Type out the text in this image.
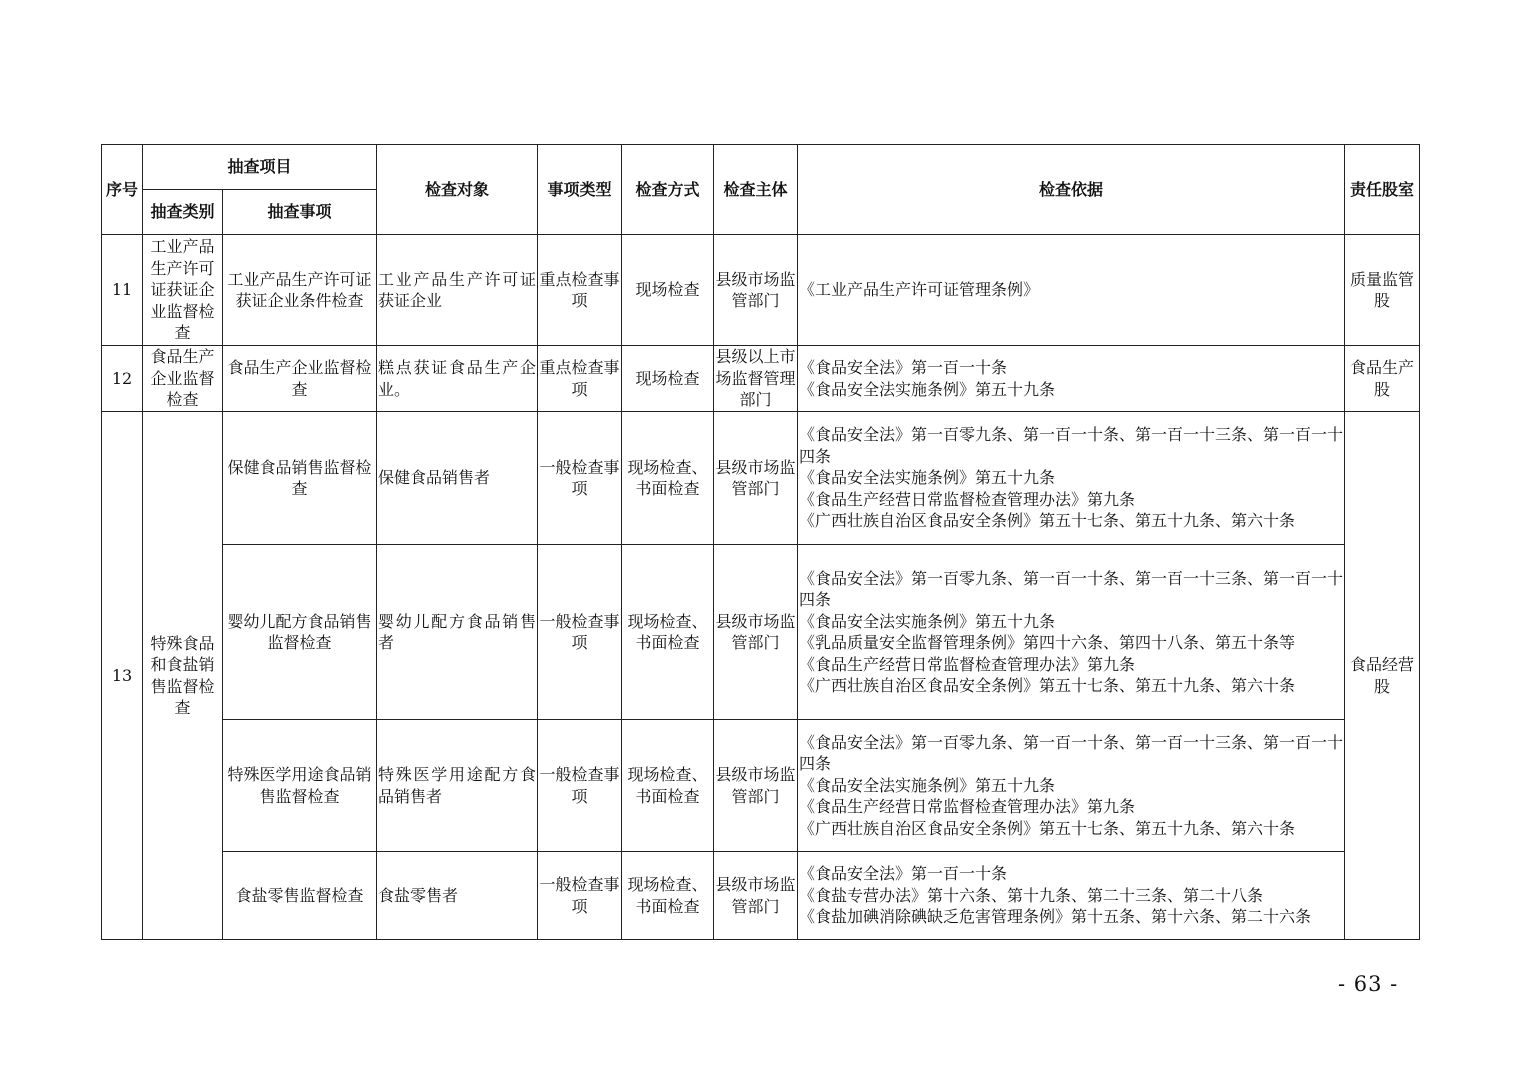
序号	抽查项目		检查对象	事项类型	检查方式	检查主体	检查依据	责任股室
	抽查类别	抽查事项						
11	工业产品生产许可证获证企业监督检查	工业产品生产许可证获证企业条件检查	工业产品生产许可证获证企业	重点检查事项	现场检查	县级市场监管部门	《工业产品生产许可证管理条例》	质量监管股
12	食品生产企业监督检查	食品生产企业监督检查	糕点获证食品生产企业。	重点检查事项	现场检查	县级以上市场监督管理部门	《食品安全法》第一百一十条
《食品安全法实施条例》第五十九条	食品生产股
13	特殊食品和食盐销售监督检查	保健食品销售监督检查	保健食品销售者	一般检查事项	现场检查、书面检查	县级市场监管部门	《食品安全法》第一百零九条、第一百一十条、第一百一十三条、第一百一十四条
《食品安全法实施条例》第五十九条
《食品生产经营日常监督检查管理办法》第九条
《广西壮族自治区食品安全条例》第五十七条、第五十九条、第六十条	食品经营股
		婴幼儿配方食品销售监督检查	婴幼儿配方食品销售者	一般检查事项	现场检查、书面检查	县级市场监管部门	《食品安全法》第一百零九条、第一百一十条、第一百一十三条、第一百一十四条
《食品安全法实施条例》第五十九条
《乳品质量安全监督管理条例》第四十六条、第四十八条、第五十条等
《食品生产经营日常监督检查管理办法》第九条
《广西壮族自治区食品安全条例》第五十七条、第五十九条、第六十条	
		特殊医学用途食品销售监督检查	特殊医学用途配方食品销售者	一般检查事项	现场检查、书面检查	县级市场监管部门	《食品安全法》第一百零九条、第一百一十条、第一百一十三条、第一百一十四条
《食品安全法实施条例》第五十九条
《食品生产经营日常监督检查管理办法》第九条
《广西壮族自治区食品安全条例》第五十七条、第五十九条、第六十条	
		食盐零售监督检查	食盐零售者	一般检查事项	现场检查、书面检查	县级市场监管部门	《食品安全法》第一百一十条
《食盐专营办法》第十六条、第十九条、第二十三条、第二十八条
《食盐加碘消除碘缺乏危害管理条例》第十五条、第十六条、第二十六条	
- 63 -
